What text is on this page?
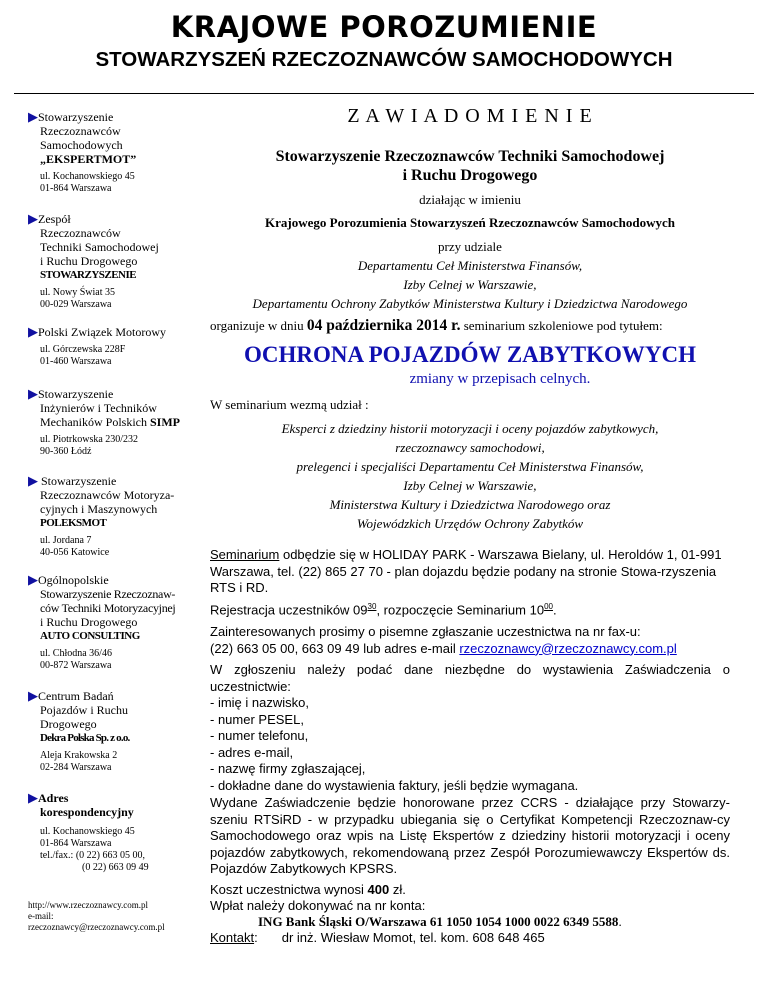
KRAJOWE POROZUMIENIE
STOWARZYSZEŃ RZECZOZNAWCÓW SAMOCHODOWYCH
▶Stowarzyszenie
Rzeczoznawców
Samochodowych
„EKSPERTMOT”
ul. Kochanowskiego 45
01-864 Warszawa
▶Zespół
Rzeczoznawców
Techniki Samochodowej
i Ruchu Drogowego
STOWARZYSZENIE
ul. Nowy Świat 35
00-029 Warszawa
▶Polski Związek Motorowy
ul. Górczewska 228F
01-460 Warszawa
▶Stowarzyszenie
Inżynierów i Techników
Mechaników Polskich SIMP
ul. Piotrkowska 230/232
90-360 Łódź
▶ Stowarzyszenie
Rzeczoznawców Motoryza-
cyjnych i Maszynowych
POLEKSMOT
ul. Jordana 7
40-056 Katowice
▶Ogólnopolskie
Stowarzyszenie Rzeczoznaw-
ców Techniki Motoryzacyjnej
i Ruchu Drogowego
AUTO CONSULTING
ul. Chłodna 36/46
00-872 Warszawa
▶Centrum Badań
Pojazdów i Ruchu
Drogowego
Dekra Polska Sp. z o.o.
Aleja Krakowska 2
02-284 Warszawa
▶Adres
korespondencyjny
ul. Kochanowskiego 45
01-864 Warszawa
tel./fax.: (0 22) 663 05 00,
(0 22) 663 09 49
http://www.rzeczoznawcy.com.pl
e-mail:
rzeczoznawcy@rzeczoznawcy.com.pl
Z A W I A D O M I E N I E
Stowarzyszenie Rzeczoznawców Techniki Samochodowej
i Ruchu Drogowego
działając w imieniu
Krajowego Porozumienia Stowarzyszeń Rzeczoznawców Samochodowych
przy udziale
Departamentu Ceł Ministerstwa Finansów,
Izby Celnej w Warszawie,
Departamentu Ochrony Zabytków Ministerstwa Kultury i Dziedzictwa Narodowego
organizuje w dniu 04 października 2014 r. seminarium szkoleniowe pod tytułem:
OCHRONA POJAZDÓW ZABYTKOWYCH
zmiany w przepisach celnych.
W seminarium wezmą udział :
Eksperci z dziedziny historii motoryzacji i oceny pojazdów zabytkowych,
rzeczoznawcy samochodowi,
prelegenci i specjaliści Departamentu Ceł Ministerstwa Finansów,
Izby Celnej w Warszawie,
Ministerstwa Kultury i Dziedzictwa Narodowego oraz
Wojewódzkich Urzędów Ochrony Zabytków
Seminarium odbędzie się w HOLIDAY PARK - Warszawa Bielany, ul. Heroldów 1, 01-991 Warszawa, tel. (22) 865 27 70 - plan dojazdu będzie podany na stronie Stowa-rzyszenia RTS i RD.
Rejestracja uczestników $09^{30}$, rozpoczęcie Seminarium $10^{00}$.
Zainteresowanych prosimy o pisemne zgłaszanie uczestnictwa na nr fax-u:
(22) 663 05 00, 663 09 49 lub adres e-mail rzeczoznawcy@rzeczoznawcy.com.pl
W zgłoszeniu należy podać dane niezbędne do wystawienia Zaświadczenia o uczestnictwie:
- imię i nazwisko,
- numer PESEL,
- numer telefonu,
- adres e-mail,
- nazwę firmy zgłaszającej,
- dokładne dane do wystawienia faktury, jeśli będzie wymagana.
Wydane Zaświadczenie będzie honorowane przez CCRS - działające przy Stowarzy-szeniu RTSiRD - w przypadku ubiegania się o Certyfikat Kompetencji Rzeczoznaw-cy Samochodowego oraz wpis na Listę Ekspertów z dziedziny historii motoryzacji i oceny pojazdów zabytkowych, rekomendowaną przez Zespół Porozumiewawczy Ekspertów ds. Pojazdów Zabytkowych KPSRS.
Koszt uczestnictwa wynosi 400 zł.
Wpłat należy dokonywać na nr konta:
ING Bank Śląski O/Warszawa 61 1050 1054 1000 0022 6349 5588.
Kontakt: dr inż. Wiesław Momot, tel. kom. 608 648 465
